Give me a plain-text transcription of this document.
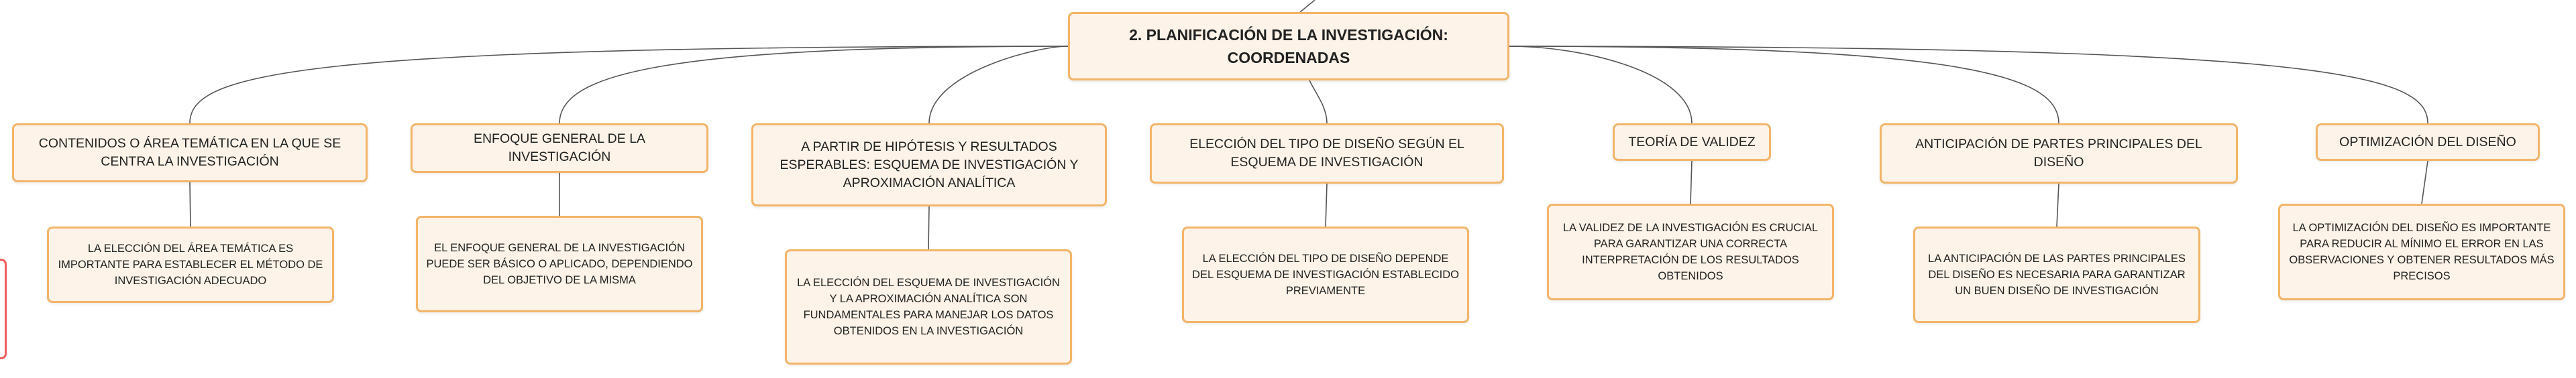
2. PLANIFICACIÓN DE LA INVESTIGACIÓN: COORDENADAS
CONTENIDOS O ÁREA TEMÁTICA EN LA QUE SE CENTRA LA INVESTIGACIÓN
ENFOQUE GENERAL DE LA INVESTIGACIÓN
A PARTIR DE HIPÓTESIS Y RESULTADOS ESPERABLES: ESQUEMA DE INVESTIGACIÓN Y APROXIMACIÓN ANALÍTICA
ELECCIÓN DEL TIPO DE DISEÑO SEGÚN EL ESQUEMA DE INVESTIGACIÓN
TEORÍA DE VALIDEZ	ANTICIPACIÓN DE PARTES PRINCIPALES DEL DISEÑO
OPTIMIZACIÓN DEL DISEÑO
LA ELECCIÓN DEL ÁREA TEMÁTICA ES IMPORTANTE PARA ESTABLECER EL MÉTODO DE INVESTIGACIÓN ADECUADO
EL ENFOQUE GENERAL DE LA INVESTIGACIÓN PUEDE SER BÁSICO O APLICADO, DEPENDIENDO DEL OBJETIVO DE LA MISMA	LA ELECCIÓN DEL ESQUEMA DE INVESTIGACIÓN Y LA APROXIMACIÓN ANALÍTICA SON FUNDAMENTALES PARA MANEJAR LOS DATOS OBTENIDOS EN LA INVESTIGACIÓN
LA ELECCIÓN DEL TIPO DE DISEÑO DEPENDE DEL ESQUEMA DE INVESTIGACIÓN ESTABLECIDO PREVIAMENTE
LA VALIDEZ DE LA INVESTIGACIÓN ES CRUCIAL PARA GARANTIZAR UNA CORRECTA INTERPRETACIÓN DE LOS RESULTADOS OBTENIDOS
LA ANTICIPACIÓN DE LAS PARTES PRINCIPALES DEL DISEÑO ES NECESARIA PARA GARANTIZAR UN BUEN DISEÑO DE INVESTIGACIÓN
LA OPTIMIZACIÓN DEL DISEÑO ES IMPORTANTE PARA REDUCIR AL MÍNIMO EL ERROR EN LAS OBSERVACIONES Y OBTENER RESULTADOS MÁS PRECISOS
